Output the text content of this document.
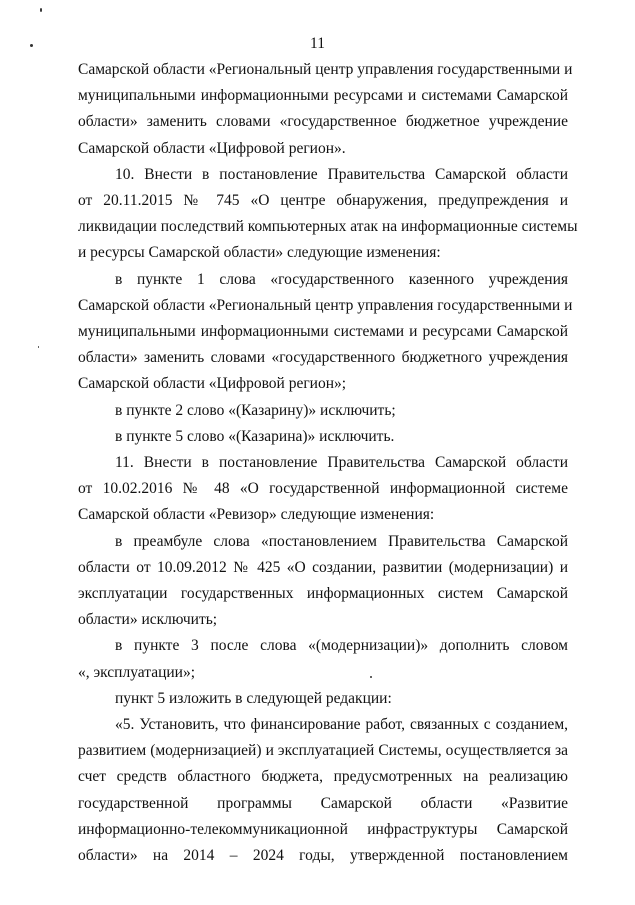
11
Самарской области «Региональный центр управления государственными и
муниципальными информационными ресурсами и системами Самарской
области» заменить словами «государственное бюджетное учреждение
Самарской области «Цифровой регион».
10. Внести в постановление Правительства Самарской области
от 20.11.2015 № 745 «О центре обнаружения, предупреждения и
ликвидации последствий компьютерных атак на информационные системы
и ресурсы Самарской области» следующие изменения:
в пункте 1 слова «государственного казенного учреждения
Самарской области «Региональный центр управления государственными и
муниципальными информационными системами и ресурсами Самарской
области» заменить словами «государственного бюджетного учреждения
Самарской области «Цифровой регион»;
в пункте 2 слово «(Казарину)» исключить;
в пункте 5 слово «(Казарина)» исключить.
11. Внести в постановление Правительства Самарской области
от 10.02.2016 № 48 «О государственной информационной системе
Самарской области «Ревизор» следующие изменения:
в преамбуле слова «постановлением Правительства Самарской
области от 10.09.2012 № 425 «О создании, развитии (модернизации) и
эксплуатации государственных информационных систем Самарской
области» исключить;
в пункте 3 после слова «(модернизации)» дополнить словом
«, эксплуатации»;
пункт 5 изложить в следующей редакции:
«5. Установить, что финансирование работ, связанных с созданием,
развитием (модернизацией) и эксплуатацией Системы, осуществляется за
счет средств областного бюджета, предусмотренных на реализацию
государственной программы Самарской области «Развитие
информационно-телекоммуникационной инфраструктуры Самарской
области» на 2014 – 2024 годы, утвержденной постановлением
